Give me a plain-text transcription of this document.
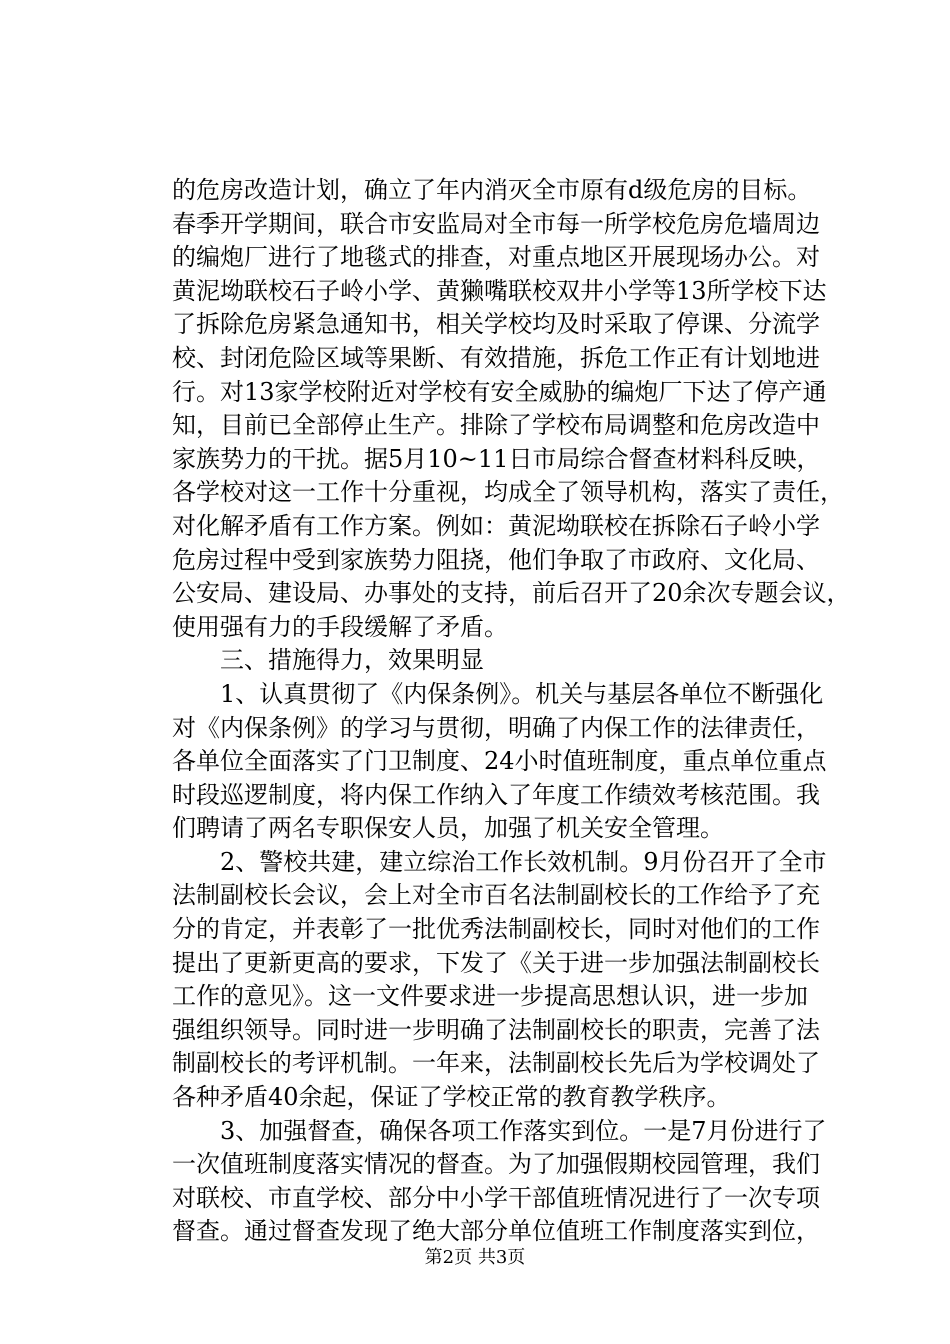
的危房改造计划，确立了年内消灭全市原有d级危房的目标。
春季开学期间，联合市安监局对全市每一所学校危房危墙周边
的编炮厂进行了地毯式的排查，对重点地区开展现场办公。对
黄泥坳联校石子岭小学、黄獭嘴联校双井小学等13所学校下达
了拆除危房紧急通知书，相关学校均及时采取了停课、分流学
校、封闭危险区域等果断、有效措施，拆危工作正有计划地进
行。对13家学校附近对学校有安全威胁的编炮厂下达了停产通
知，目前已全部停止生产。排除了学校布局调整和危房改造中
家族势力的干扰。据5月10~11日市局综合督查材料科反映，
各学校对这一工作十分重视，均成全了领导机构，落实了责任，
对化解矛盾有工作方案。例如：黄泥坳联校在拆除石子岭小学
危房过程中受到家族势力阻挠，他们争取了市政府、文化局、
公安局、建设局、办事处的支持，前后召开了20余次专题会议，
使用强有力的手段缓解了矛盾。
三、措施得力，效果明显
1、认真贯彻了《内保条例》。机关与基层各单位不断强化
对《内保条例》的学习与贯彻，明确了内保工作的法律责任，
各单位全面落实了门卫制度、24小时值班制度，重点单位重点
时段巡逻制度，将内保工作纳入了年度工作绩效考核范围。我
们聘请了两名专职保安人员，加强了机关安全管理。
2、警校共建，建立综治工作长效机制。9月份召开了全市
法制副校长会议，会上对全市百名法制副校长的工作给予了充
分的肯定，并表彰了一批优秀法制副校长，同时对他们的工作
提出了更新更高的要求，下发了《关于进一步加强法制副校长
工作的意见》。这一文件要求进一步提高思想认识，进一步加
强组织领导。同时进一步明确了法制副校长的职责，完善了法
制副校长的考评机制。一年来，法制副校长先后为学校调处了
各种矛盾40余起，保证了学校正常的教育教学秩序。
3、加强督查，确保各项工作落实到位。一是7月份进行了
一次值班制度落实情况的督查。为了加强假期校园管理，我们
对联校、市直学校、部分中小学干部值班情况进行了一次专项
督查。通过督查发现了绝大部分单位值班工作制度落实到位，
第2页 共3页
